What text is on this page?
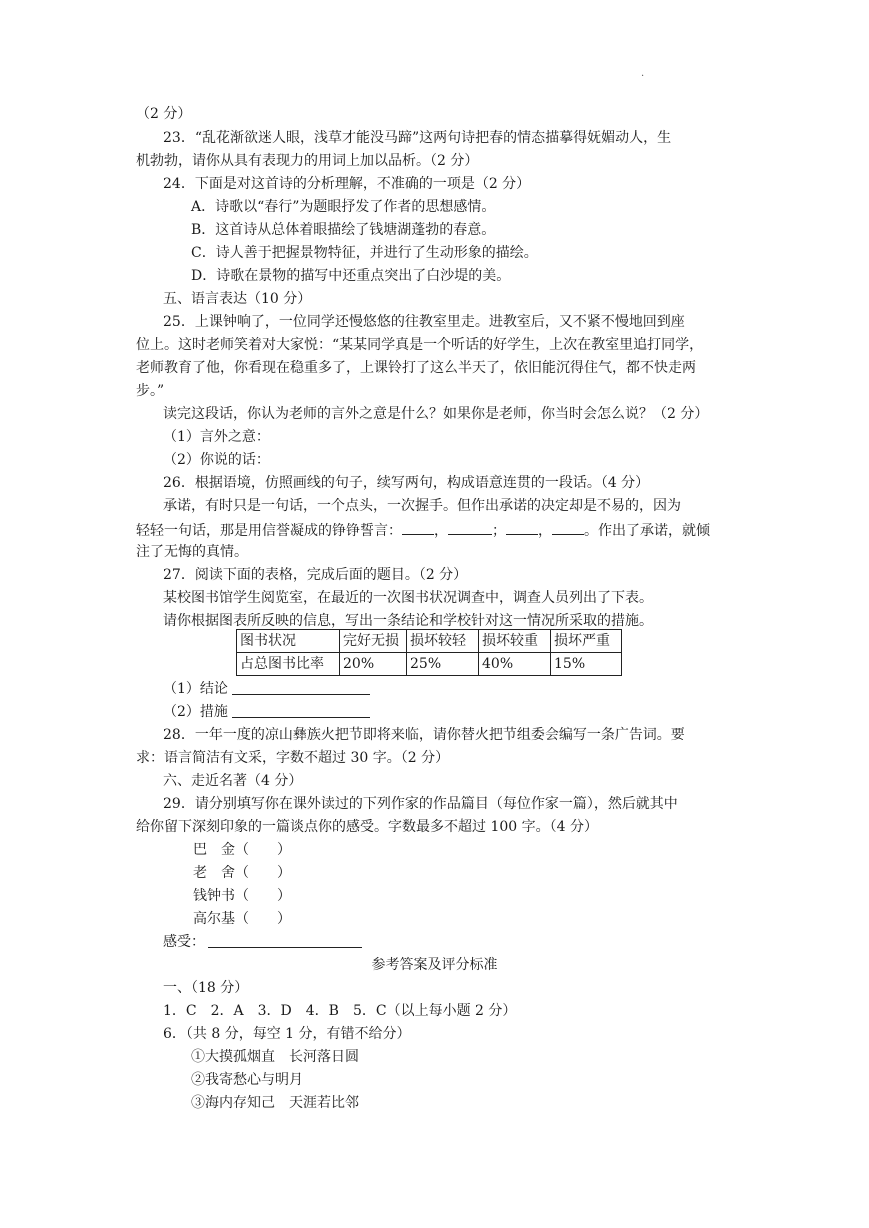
.
（2 分）
23．“乱花渐欲迷人眼，浅草才能没马蹄”这两句诗把春的情态描摹得妩媚动人，生
机勃勃，请你从具有表现力的用词上加以品析。（2 分）
24．下面是对这首诗的分析理解，不准确的一项是（2 分）
A．诗歌以“春行”为题眼抒发了作者的思想感情。
B．这首诗从总体着眼描绘了钱塘湖蓬勃的春意。
C．诗人善于把握景物特征，并进行了生动形象的描绘。
D．诗歌在景物的描写中还重点突出了白沙堤的美。
五、语言表达（10 分）
25．上课钟响了，一位同学还慢悠悠的往教室里走。进教室后，又不紧不慢地回到座
位上。这时老师笑着对大家悦：“某某同学真是一个听话的好学生，上次在教室里追打同学，
老师教育了他，你看现在稳重多了，上课铃打了这么半天了，依旧能沉得住气，都不快走两
步。”
读完这段话，你认为老师的言外之意是什么？如果你是老师，你当时会怎么说？（2 分）
（1）言外之意：
（2）你说的话：
26．根据语境，仿照画线的句子，续写两句，构成语意连贯的一段话。（4 分）
承诺，有时只是一句话，一个点头，一次握手。但作出承诺的决定却是不易的，因为
轻轻一句话，那是用信誉凝成的铮铮誓言： ，	； ， 。作出了承诺，就倾
注了无悔的真情。
27．阅读下面的表格，完成后面的题目。（2 分）
某校图书馆学生阅览室，在最近的一次图书状况调查中，调查人员列出了下表。
请你根据图表所反映的信息，写出一条结论和学校针对这一情况所采取的措施。
图书状况	完好无损	损坏较轻	损坏较重	损坏严重
占总图书比率	20%	25%	40%	15%
（1）结论
（2）措施
28．一年一度的凉山彝族火把节即将来临，请你替火把节组委会编写一条广告词。要
求：语言简洁有文采，字数不超过 30 字。（2 分）
六、走近名著（4 分）
29．请分别填写你在课外读过的下列作家的作品篇目（每位作家一篇），然后就其中
给你留下深刻印象的一篇谈点你的感受。字数最多不超过 100 字。（4 分）
巴　金（　　）
老　舍（　　）
钱钟书（　　）
高尔基（　　）
感受：
参考答案及评分标准
一、（18 分）
1．C　2．A　3．D　4．B　5．C（以上每小题 2 分）
6．（共 8 分，每空 1 分，有错不给分）
①大摸孤烟直　长河落日圆
②我寄愁心与明月
③海内存知己　天涯若比邻
